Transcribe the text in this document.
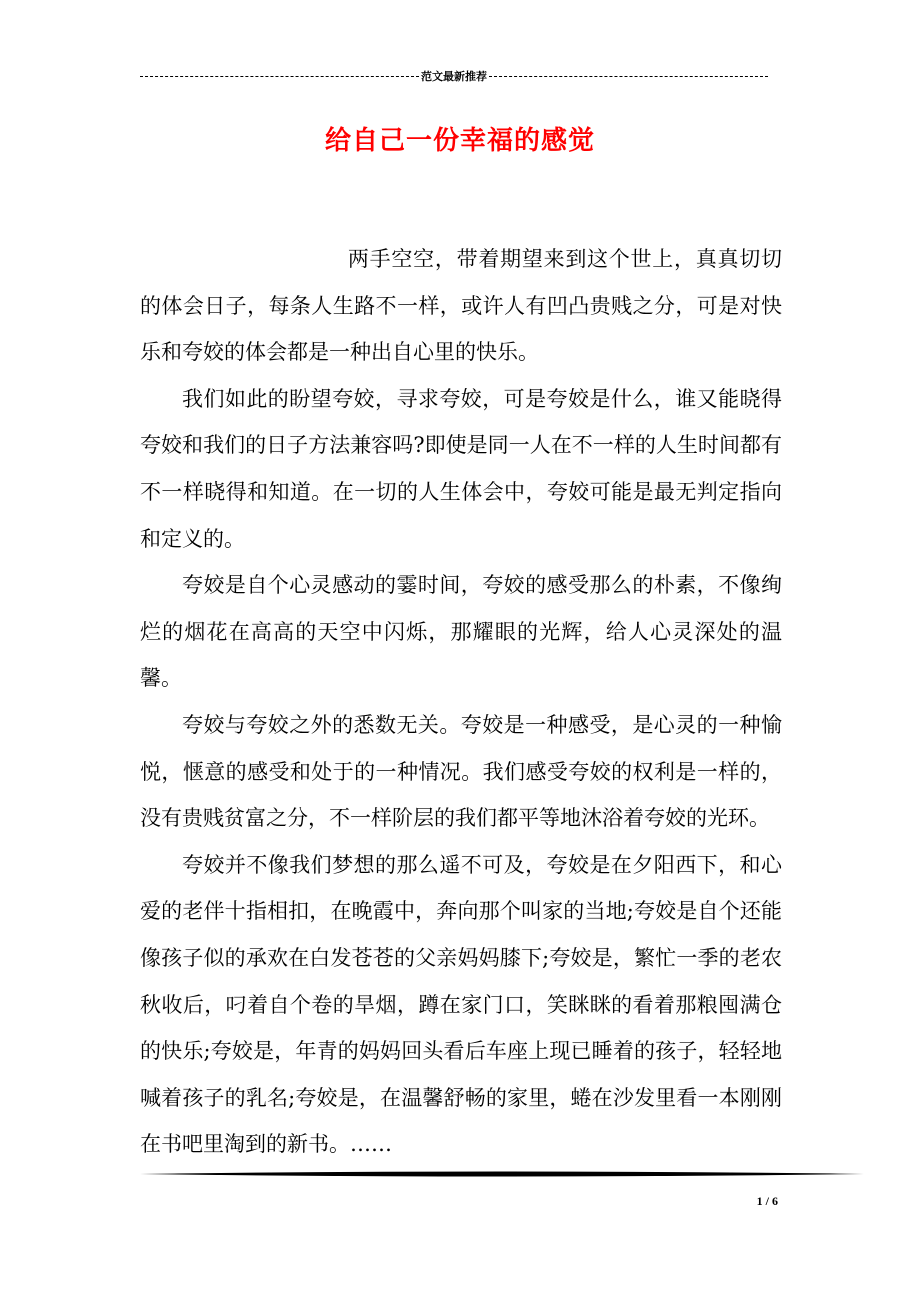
范文最新推荐
给自己一份幸福的感觉

两手空空，带着期望来到这个世上，真真切切的体会日子，每条人生路不一样，或许人有凹凸贵贱之分，可是对快乐和夸姣的体会都是一种出自心里的快乐。

我们如此的盼望夸姣，寻求夸姣，可是夸姣是什么，谁又能晓得夸姣和我们的日子方法兼容吗?即使是同一人在不一样的人生时间都有不一样晓得和知道。在一切的人生体会中，夸姣可能是最无判定指向和定义的。

夸姣是自个心灵感动的霎时间，夸姣的感受那么的朴素，不像绚烂的烟花在高高的天空中闪烁，那耀眼的光辉，给人心灵深处的温馨。

夸姣与夸姣之外的悉数无关。夸姣是一种感受，是心灵的一种愉悦，惬意的感受和处于的一种情况。我们感受夸姣的权利是一样的，没有贵贱贫富之分，不一样阶层的我们都平等地沐浴着夸姣的光环。

夸姣并不像我们梦想的那么遥不可及，夸姣是在夕阳西下，和心爱的老伴十指相扣，在晚霞中，奔向那个叫家的当地;夸姣是自个还能像孩子似的承欢在白发苍苍的父亲妈妈膝下;夸姣是，繁忙一季的老农秋收后，叼着自个卷的旱烟，蹲在家门口，笑眯眯的看着那粮囤满仓的快乐;夸姣是，年青的妈妈回头看后车座上现已睡着的孩子，轻轻地喊着孩子的乳名;夸姣是，在温馨舒畅的家里，蜷在沙发里看一本刚刚在书吧里淘到的新书。……

1 / 6
